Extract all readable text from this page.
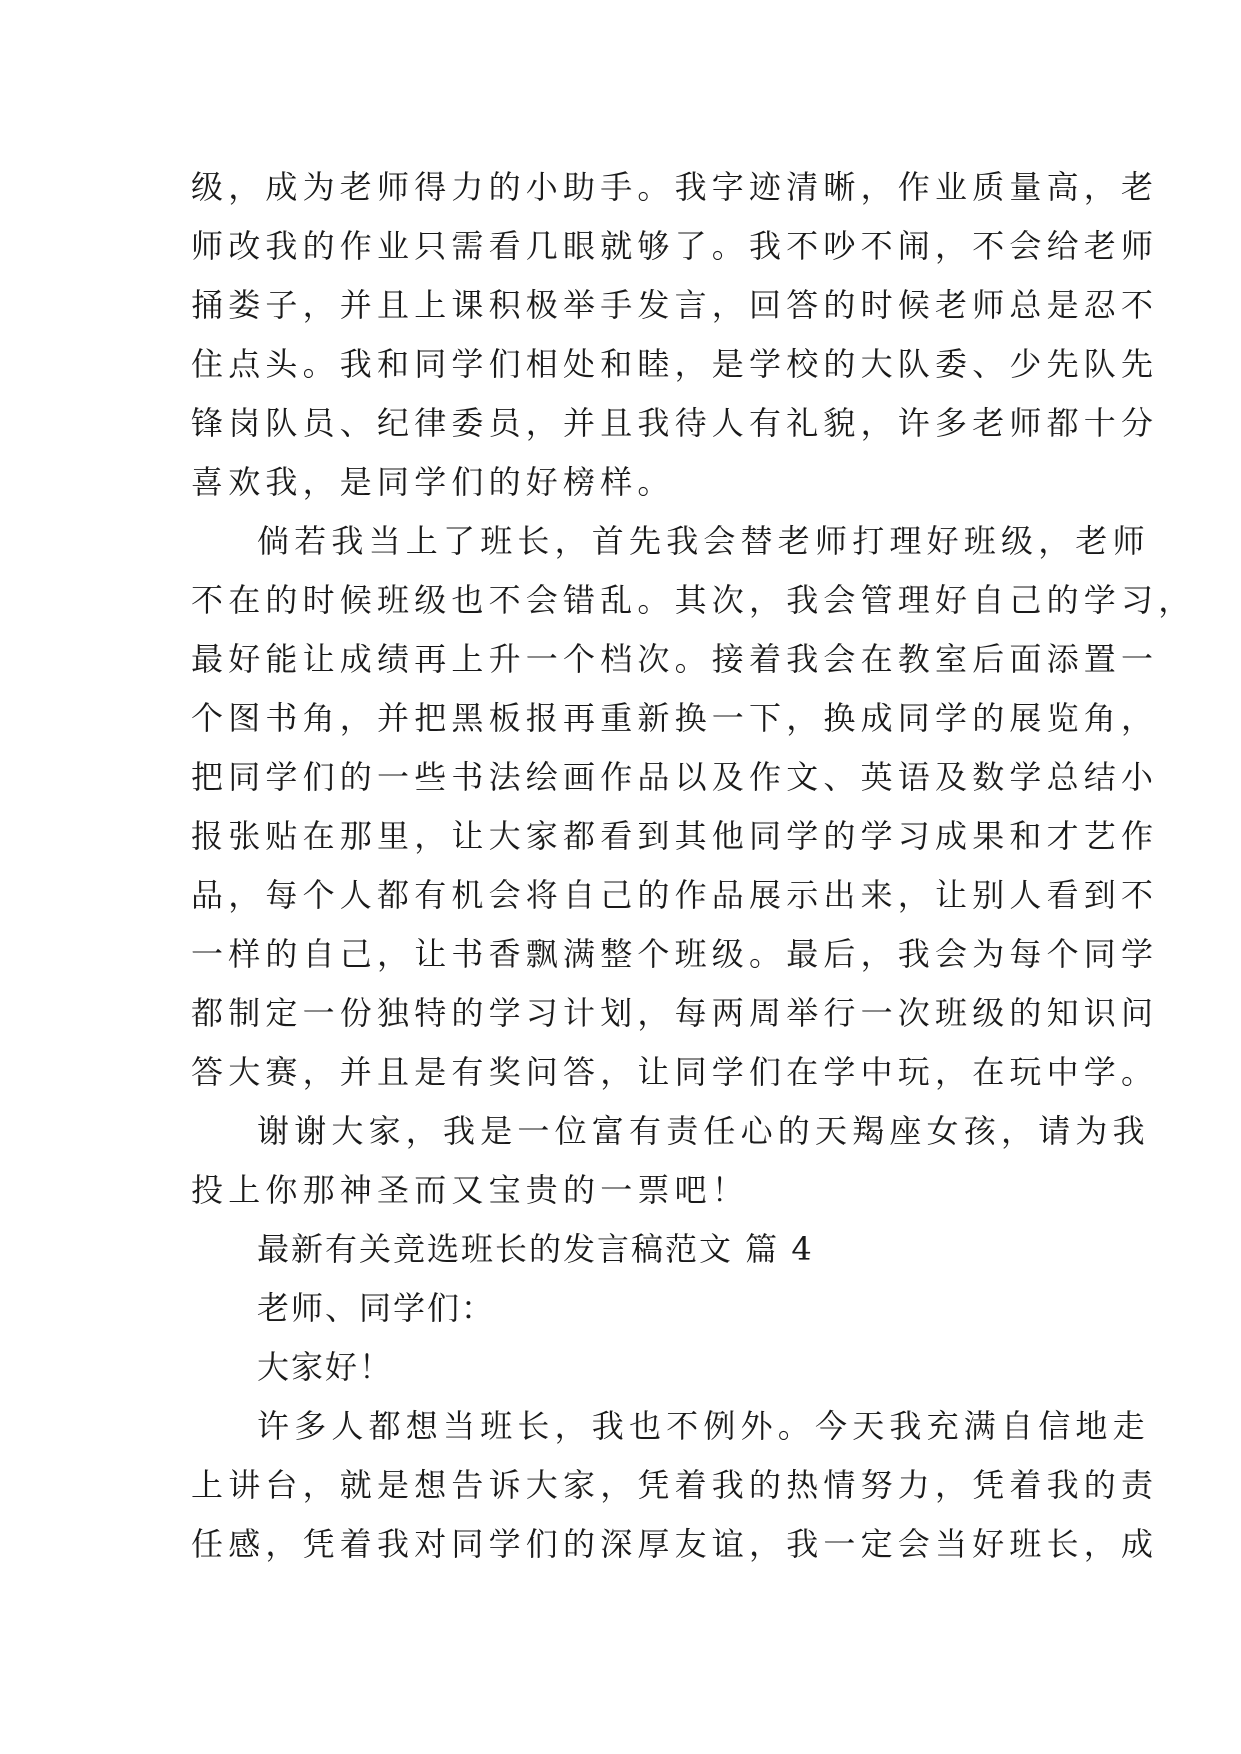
级，成为老师得力的小助手。我字迹清晰，作业质量高，老
师改我的作业只需看几眼就够了。我不吵不闹，不会给老师
捅娄子，并且上课积极举手发言，回答的时候老师总是忍不
住点头。我和同学们相处和睦，是学校的大队委、少先队先
锋岗队员、纪律委员，并且我待人有礼貌，许多老师都十分
喜欢我，是同学们的好榜样。
倘若我当上了班长，首先我会替老师打理好班级，老师
不在的时候班级也不会错乱。其次，我会管理好自己的学习，
最好能让成绩再上升一个档次。接着我会在教室后面添置一
个图书角，并把黑板报再重新换一下，换成同学的展览角，
把同学们的一些书法绘画作品以及作文、英语及数学总结小
报张贴在那里，让大家都看到其他同学的学习成果和才艺作
品，每个人都有机会将自己的作品展示出来，让别人看到不
一样的自己，让书香飘满整个班级。最后，我会为每个同学
都制定一份独特的学习计划，每两周举行一次班级的知识问
答大赛，并且是有奖问答，让同学们在学中玩，在玩中学。
谢谢大家，我是一位富有责任心的天羯座女孩，请为我
投上你那神圣而又宝贵的一票吧！
最新有关竞选班长的发言稿范文 篇 4
老师、同学们：
大家好！
许多人都想当班长，我也不例外。今天我充满自信地走
上讲台，就是想告诉大家，凭着我的热情努力，凭着我的责
任感，凭着我对同学们的深厚友谊，我一定会当好班长，成
